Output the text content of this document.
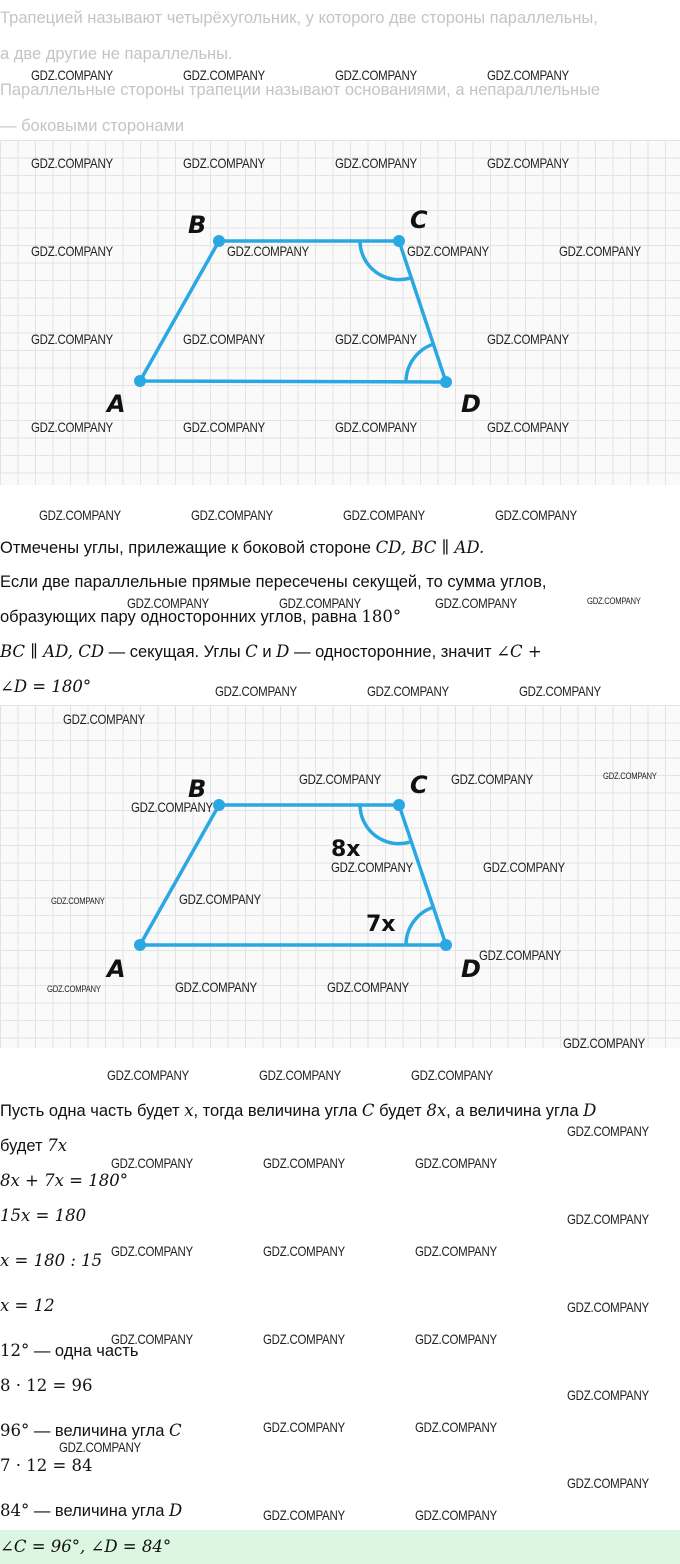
Трапецией называют четырёхугольник, у которого две стороны параллельны,

а две другие не параллельны.

Параллельные стороны трапеции называют основаниями, а непараллельные

— боковыми сторонами

A
B	C
D

Отмечены углы, прилежащие к боковой стороне CD, BC ∥ AD.

Если две параллельные прямые пересечены секущей, то сумма углов,

образующих пару односторонних углов, равна 180°

BC ∥ AD, CD — секущая. Углы C и D — односторонние, значит ∠C +

∠D = 180°

A
B	C
D
8x
7x

Пусть одна часть будет x, тогда величина угла C будет 8x, а величина угла D

будет 7x

8x + 7x = 180°

15x = 180

x = 180 : 15

x = 12

12° — одна часть

8 · 12 = 96

96° — величина угла C

7 · 12 = 84

84° — величина угла D

∠C = 96°, ∠D = 84°

GDZ.COMPANY	GDZ.COMPANY	GDZ.COMPANY	GDZ.COMPANY
GDZ.COMPANY	GDZ.COMPANY	GDZ.COMPANY	GDZ.COMPANY
GDZ.COMPANY	GDZ.COMPANY	GDZ.COMPANY	GDZ.COMPANY
GDZ.COMPANY	GDZ.COMPANY	GDZ.COMPANY	GDZ.COMPANY
GDZ.COMPANY	GDZ.COMPANY	GDZ.COMPANY	GDZ.COMPANY
GDZ.COMPANY	GDZ.COMPANY	GDZ.COMPANY	GDZ.COMPANY
GDZ.COMPANY	GDZ.COMPANY	GDZ.COMPANY
GDZ.COMPANY	GDZ.COMPANY	GDZ.COMPANY
GDZ.COMPANY
GDZ.COMPANY	GDZ.COMPANY
GDZ.COMPANY
GDZ.COMPANY	GDZ.COMPANY
GDZ.COMPANY
GDZ.COMPANY
GDZ.COMPANY	GDZ.COMPANY
GDZ.COMPANY
GDZ.COMPANY	GDZ.COMPANY	GDZ.COMPANY
GDZ.COMPANY
GDZ.COMPANY	GDZ.COMPANY	GDZ.COMPANY
GDZ.COMPANY
GDZ.COMPANY	GDZ.COMPANY	GDZ.COMPANY
GDZ.COMPANY
GDZ.COMPANY	GDZ.COMPANY	GDZ.COMPANY
GDZ.COMPANY
GDZ.COMPANY	GDZ.COMPANY
GDZ.COMPANY
GDZ.COMPANY
GDZ.COMPANY	GDZ.COMPANY
GDZ.COMPANY
GDZ.COMPANY
GDZ.COMPANY
GDZ.COMPANY
